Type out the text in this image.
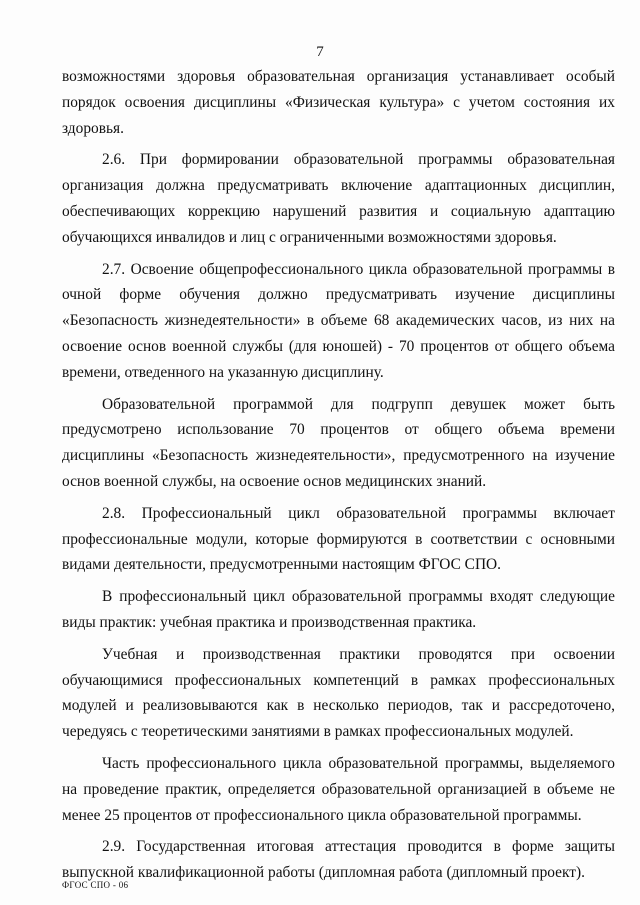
7

возможностями здоровья образовательная организация устанавливает особый порядок освоения дисциплины «Физическая культура» с учетом состояния их здоровья.

2.6. При формировании образовательной программы образовательная организация должна предусматривать включение адаптационных дисциплин, обеспечивающих коррекцию нарушений развития и социальную адаптацию обучающихся инвалидов и лиц с ограниченными возможностями здоровья.

2.7. Освоение общепрофессионального цикла образовательной программы в очной форме обучения должно предусматривать изучение дисциплины «Безопасность жизнедеятельности» в объеме 68 академических часов, из них на освоение основ военной службы (для юношей) - 70 процентов от общего объема времени, отведенного на указанную дисциплину.

Образовательной программой для подгрупп девушек может быть предусмотрено использование 70 процентов от общего объема времени дисциплины «Безопасность жизнедеятельности», предусмотренного на изучение основ военной службы, на освоение основ медицинских знаний.

2.8. Профессиональный цикл образовательной программы включает профессиональные модули, которые формируются в соответствии с основными видами деятельности, предусмотренными настоящим ФГОС СПО.

В профессиональный цикл образовательной программы входят следующие виды практик: учебная практика и производственная практика.

Учебная и производственная практики проводятся при освоении обучающимися профессиональных компетенций в рамках профессиональных модулей и реализовываются как в несколько периодов, так и рассредоточено, чередуясь с теоретическими занятиями в рамках профессиональных модулей.

Часть профессионального цикла образовательной программы, выделяемого на проведение практик, определяется образовательной организацией в объеме не менее 25 процентов от профессионального цикла образовательной программы.

2.9. Государственная итоговая аттестация проводится в форме защиты выпускной квалификационной работы (дипломная работа (дипломный проект).

ФГОС СПО - 06
